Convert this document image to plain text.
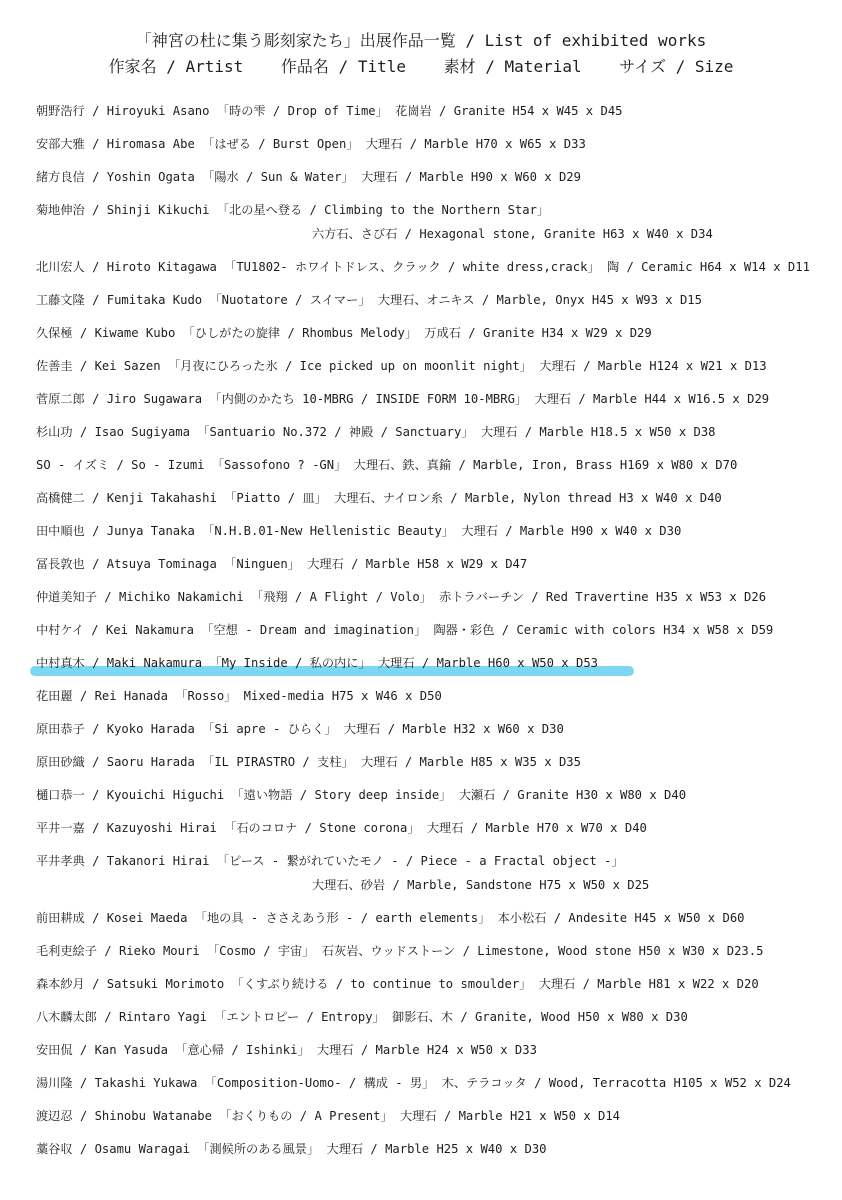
「神宮の杜に集う彫刻家たち」出展作品一覧 / List of exhibited works
作家名 / Artist 作品名 / Title 素材 / Material サイズ / Size
朝野浩行 / Hiroyuki Asano 「時の雫 / Drop of Time」 花崗岩 / Granite H54 x W45 x D45
安部大雅 / Hiromasa Abe 「はぜる / Burst Open」 大理石 / Marble H70 x W65 x D33
緒方良信 / Yoshin Ogata 「陽水 / Sun & Water」 大理石 / Marble H90 x W60 x D29
菊地伸治 / Shinji Kikuchi 「北の星へ登る / Climbing to the Northern Star」
六方石、さび石 / Hexagonal stone, Granite H63 x W40 x D34
北川宏人 / Hiroto Kitagawa 「TU1802- ホワイトドレス、クラック / white dress,crack」 陶 / Ceramic H64 x W14 x D11
工藤文隆 / Fumitaka Kudo 「Nuotatore / スイマー」 大理石、オニキス / Marble, Onyx H45 x W93 x D15
久保極 / Kiwame Kubo 「ひしがたの旋律 / Rhombus Melody」 万成石 / Granite H34 x W29 x D29
佐善圭 / Kei Sazen 「月夜にひろった氷 / Ice picked up on moonlit night」 大理石 / Marble H124 x W21 x D13
菅原二郎 / Jiro Sugawara 「内側のかたち 10-MBRG / INSIDE FORM 10-MBRG」 大理石 / Marble H44 x W16.5 x D29
杉山功 / Isao Sugiyama 「Santuario No.372 / 神殿 / Sanctuary」 大理石 / Marble H18.5 x W50 x D38
SO - イズミ / So - Izumi 「Sassofono ? -GN」 大理石、鉄、真鍮 / Marble, Iron, Brass H169 x W80 x D70
高橋健二 / Kenji Takahashi 「Piatto / 皿」 大理石、ナイロン糸 / Marble, Nylon thread H3 x W40 x D40
田中順也 / Junya Tanaka 「N.H.B.01-New Hellenistic Beauty」 大理石 / Marble H90 x W40 x D30
冨長敦也 / Atsuya Tominaga 「Ninguen」 大理石 / Marble H58 x W29 x D47
仲道美知子 / Michiko Nakamichi 「飛翔 / A Flight / Volo」 赤トラバーチン / Red Travertine H35 x W53 x D26
中村ケイ / Kei Nakamura 「空想 - Dream and imagination」 陶器・彩色 / Ceramic with colors H34 x W58 x D59
中村真木 / Maki Nakamura 「My Inside / 私の内に」 大理石 / Marble H60 x W50 x D53
花田麗 / Rei Hanada 「Rosso」 Mixed-media H75 x W46 x D50
原田恭子 / Kyoko Harada 「Si apre - ひらく」 大理石 / Marble H32 x W60 x D30
原田砂織 / Saoru Harada 「IL PIRASTRO / 支柱」 大理石 / Marble H85 x W35 x D35
樋口恭一 / Kyouichi Higuchi 「遠い物語 / Story deep inside」 大瀬石 / Granite H30 x W80 x D40
平井一嘉 / Kazuyoshi Hirai 「石のコロナ / Stone corona」 大理石 / Marble H70 x W70 x D40
平井孝典 / Takanori Hirai 「ピース - 繋がれていたモノ - / Piece - a Fractal object -」
大理石、砂岩 / Marble, Sandstone H75 x W50 x D25
前田耕成 / Kosei Maeda 「地の具 - ささえあう形 - / earth elements」 本小松石 / Andesite H45 x W50 x D60
毛利吏絵子 / Rieko Mouri 「Cosmo / 宇宙」 石灰岩、ウッドストーン / Limestone, Wood stone H50 x W30 x D23.5
森本紗月 / Satsuki Morimoto 「くすぶり続ける / to continue to smoulder」 大理石 / Marble H81 x W22 x D20
八木麟太郎 / Rintaro Yagi 「エントロピー / Entropy」 御影石、木 / Granite, Wood H50 x W80 x D30
安田侃 / Kan Yasuda 「意心帰 / Ishinki」 大理石 / Marble H24 x W50 x D33
湯川隆 / Takashi Yukawa 「Composition-Uomo- / 構成 - 男」 木、テラコッタ / Wood, Terracotta H105 x W52 x D24
渡辺忍 / Shinobu Watanabe 「おくりもの / A Present」 大理石 / Marble H21 x W50 x D14
藁谷収 / Osamu Waragai 「測候所のある風景」 大理石 / Marble H25 x W40 x D30
